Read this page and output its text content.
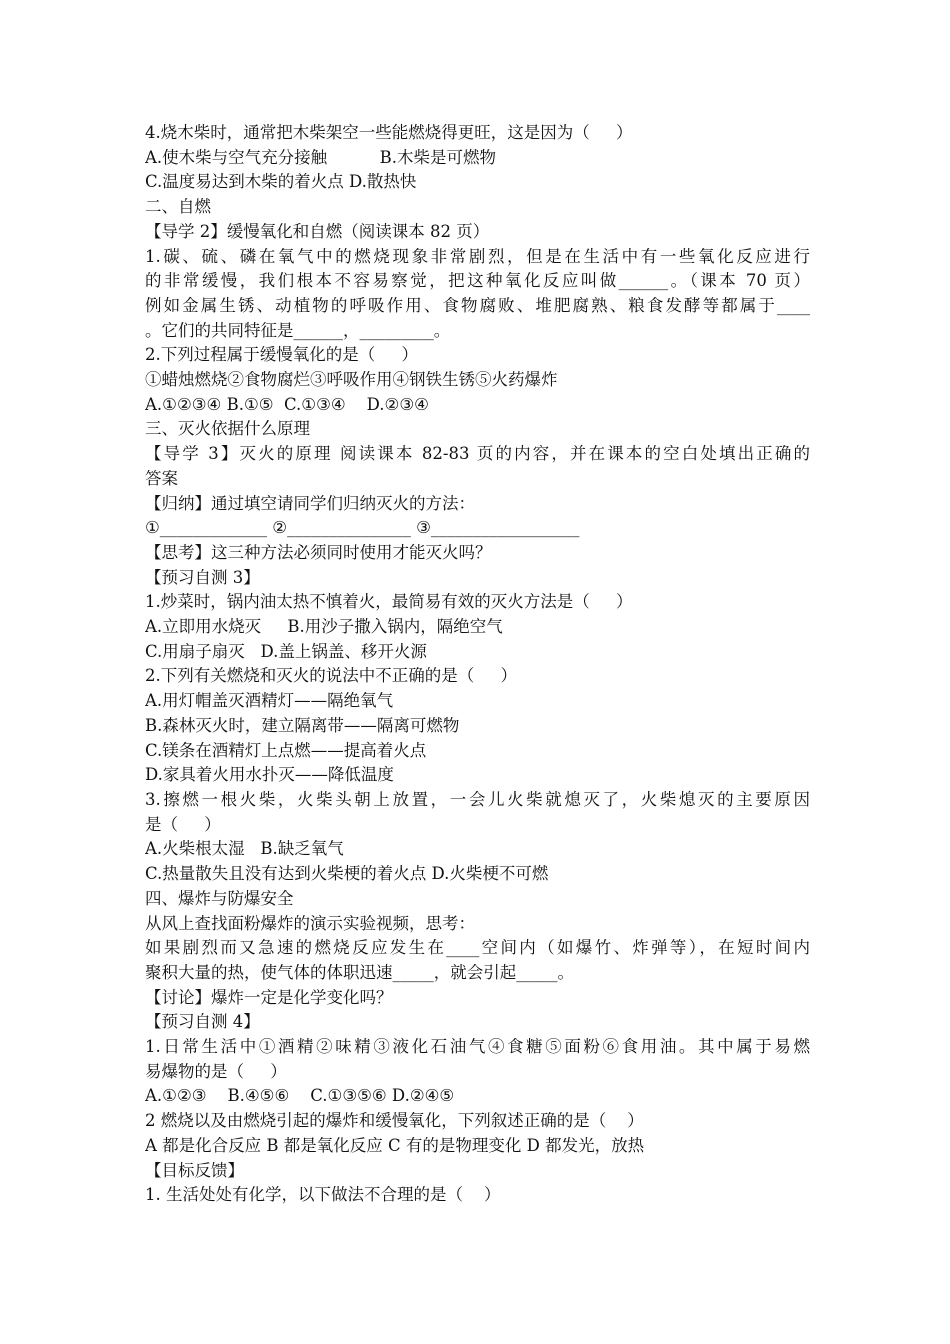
4.烧木柴时，通常把木柴架空一些能燃烧得更旺，这是因为（     ）
A.使木柴与空气充分接触          B.木柴是可燃物
C.温度易达到木柴的着火点 D.散热快
二、自燃
【导学 2】缓慢氧化和自燃（阅读课本 82 页）
1.碳、硫、磷在氧气中的燃烧现象非常剧烈，但是在生活中有一些氧化反应进行
的非常缓慢，我们根本不容易察觉，把这种氧化反应叫做______。（课本 70 页）
例如金属生锈、动植物的呼吸作用、食物腐败、堆肥腐熟、粮食发酵等都属于____
。它们的共同特征是______，_________。
2.下列过程属于缓慢氧化的是（     ）
①蜡烛燃烧②食物腐烂③呼吸作用④钢铁生锈⑤火药爆炸
A.①②③④ B.①⑤  C.①③④    D.②③④
三、灭火依据什么原理
【导学 3】灭火的原理 阅读课本 82-83 页的内容，并在课本的空白处填出正确的
答案
【归纳】通过填空请同学们归纳灭火的方法：
①_____________ ②_______________ ③__________________
【思考】这三种方法必须同时使用才能灭火吗？
【预习自测 3】
1.炒菜时，锅内油太热不慎着火，最简易有效的灭火方法是（     ）
A.立即用水烧灭     B.用沙子撒入锅内，隔绝空气
C.用扇子扇灭   D.盖上锅盖、移开火源
2.下列有关燃烧和灭火的说法中不正确的是（     ）
A.用灯帽盖灭酒精灯——隔绝氧气
B.森林灭火时，建立隔离带——隔离可燃物
C.镁条在酒精灯上点燃——提高着火点
D.家具着火用水扑灭——降低温度
3.擦燃一根火柴，火柴头朝上放置，一会儿火柴就熄灭了，火柴熄灭的主要原因
是（     ）
A.火柴根太湿   B.缺乏氧气
C.热量散失且没有达到火柴梗的着火点 D.火柴梗不可燃
四、爆炸与防爆安全
从风上查找面粉爆炸的演示实验视频，思考：
如果剧烈而又急速的燃烧反应发生在____空间内（如爆竹、炸弹等），在短时间内
聚积大量的热，使气体的体职迅速_____，就会引起_____。
【讨论】爆炸一定是化学变化吗？
【预习自测 4】
1.日常生活中①酒精②味精③液化石油气④食糖⑤面粉⑥食用油。其中属于易燃
易爆物的是（     ）
A.①②③    B.④⑤⑥    C.①③⑤⑥ D.②④⑤
2 燃烧以及由燃烧引起的爆炸和缓慢氧化，下列叙述正确的是（    ）
A 都是化合反应 B 都是氧化反应 C 有的是物理变化 D 都发光，放热
【目标反馈】
1. 生活处处有化学，以下做法不合理的是（    ）
